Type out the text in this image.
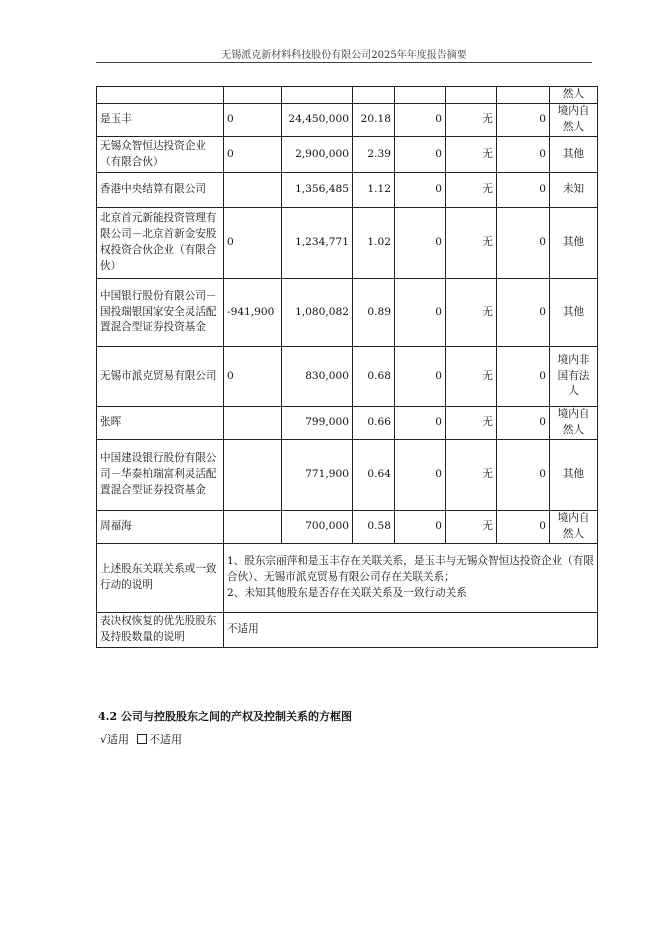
无锡派克新材料科技股份有限公司2025年年度报告摘要
							然人
是玉丰	0	24,450,000	20.18	0	无	0	境内自然人
无锡众智恒达投资企业（有限合伙）	0	2,900,000	2.39	0	无	0	其他
香港中央结算有限公司		1,356,485	1.12	0	无	0	未知
北京首元新能投资管理有限公司－北京首新金安股权投资合伙企业（有限合伙）	0	1,234,771	1.02	0	无	0	其他
中国银行股份有限公司－国投瑞银国家安全灵活配置混合型证券投资基金	-941,900	1,080,082	0.89	0	无	0	其他
无锡市派克贸易有限公司	0	830,000	0.68	0	无	0	境内非国有法人
张晖		799,000	0.66	0	无	0	境内自然人
中国建设银行股份有限公司－华泰柏瑞富利灵活配置混合型证券投资基金		771,900	0.64	0	无	0	其他
周福海		700,000	0.58	0	无	0	境内自然人
上述股东关联关系或一致行动的说明	1、股东宗丽萍和是玉丰存在关联关系，是玉丰与无锡众智恒达投资企业（有限合伙）、无锡市派克贸易有限公司存在关联关系；
2、未知其他股东是否存在关联关系及一致行动关系						

表决权恢复的优先股股东及持股数量的说明	不适用						
4.2 公司与控股股东之间的产权及控制关系的方框图
√适用 不适用
